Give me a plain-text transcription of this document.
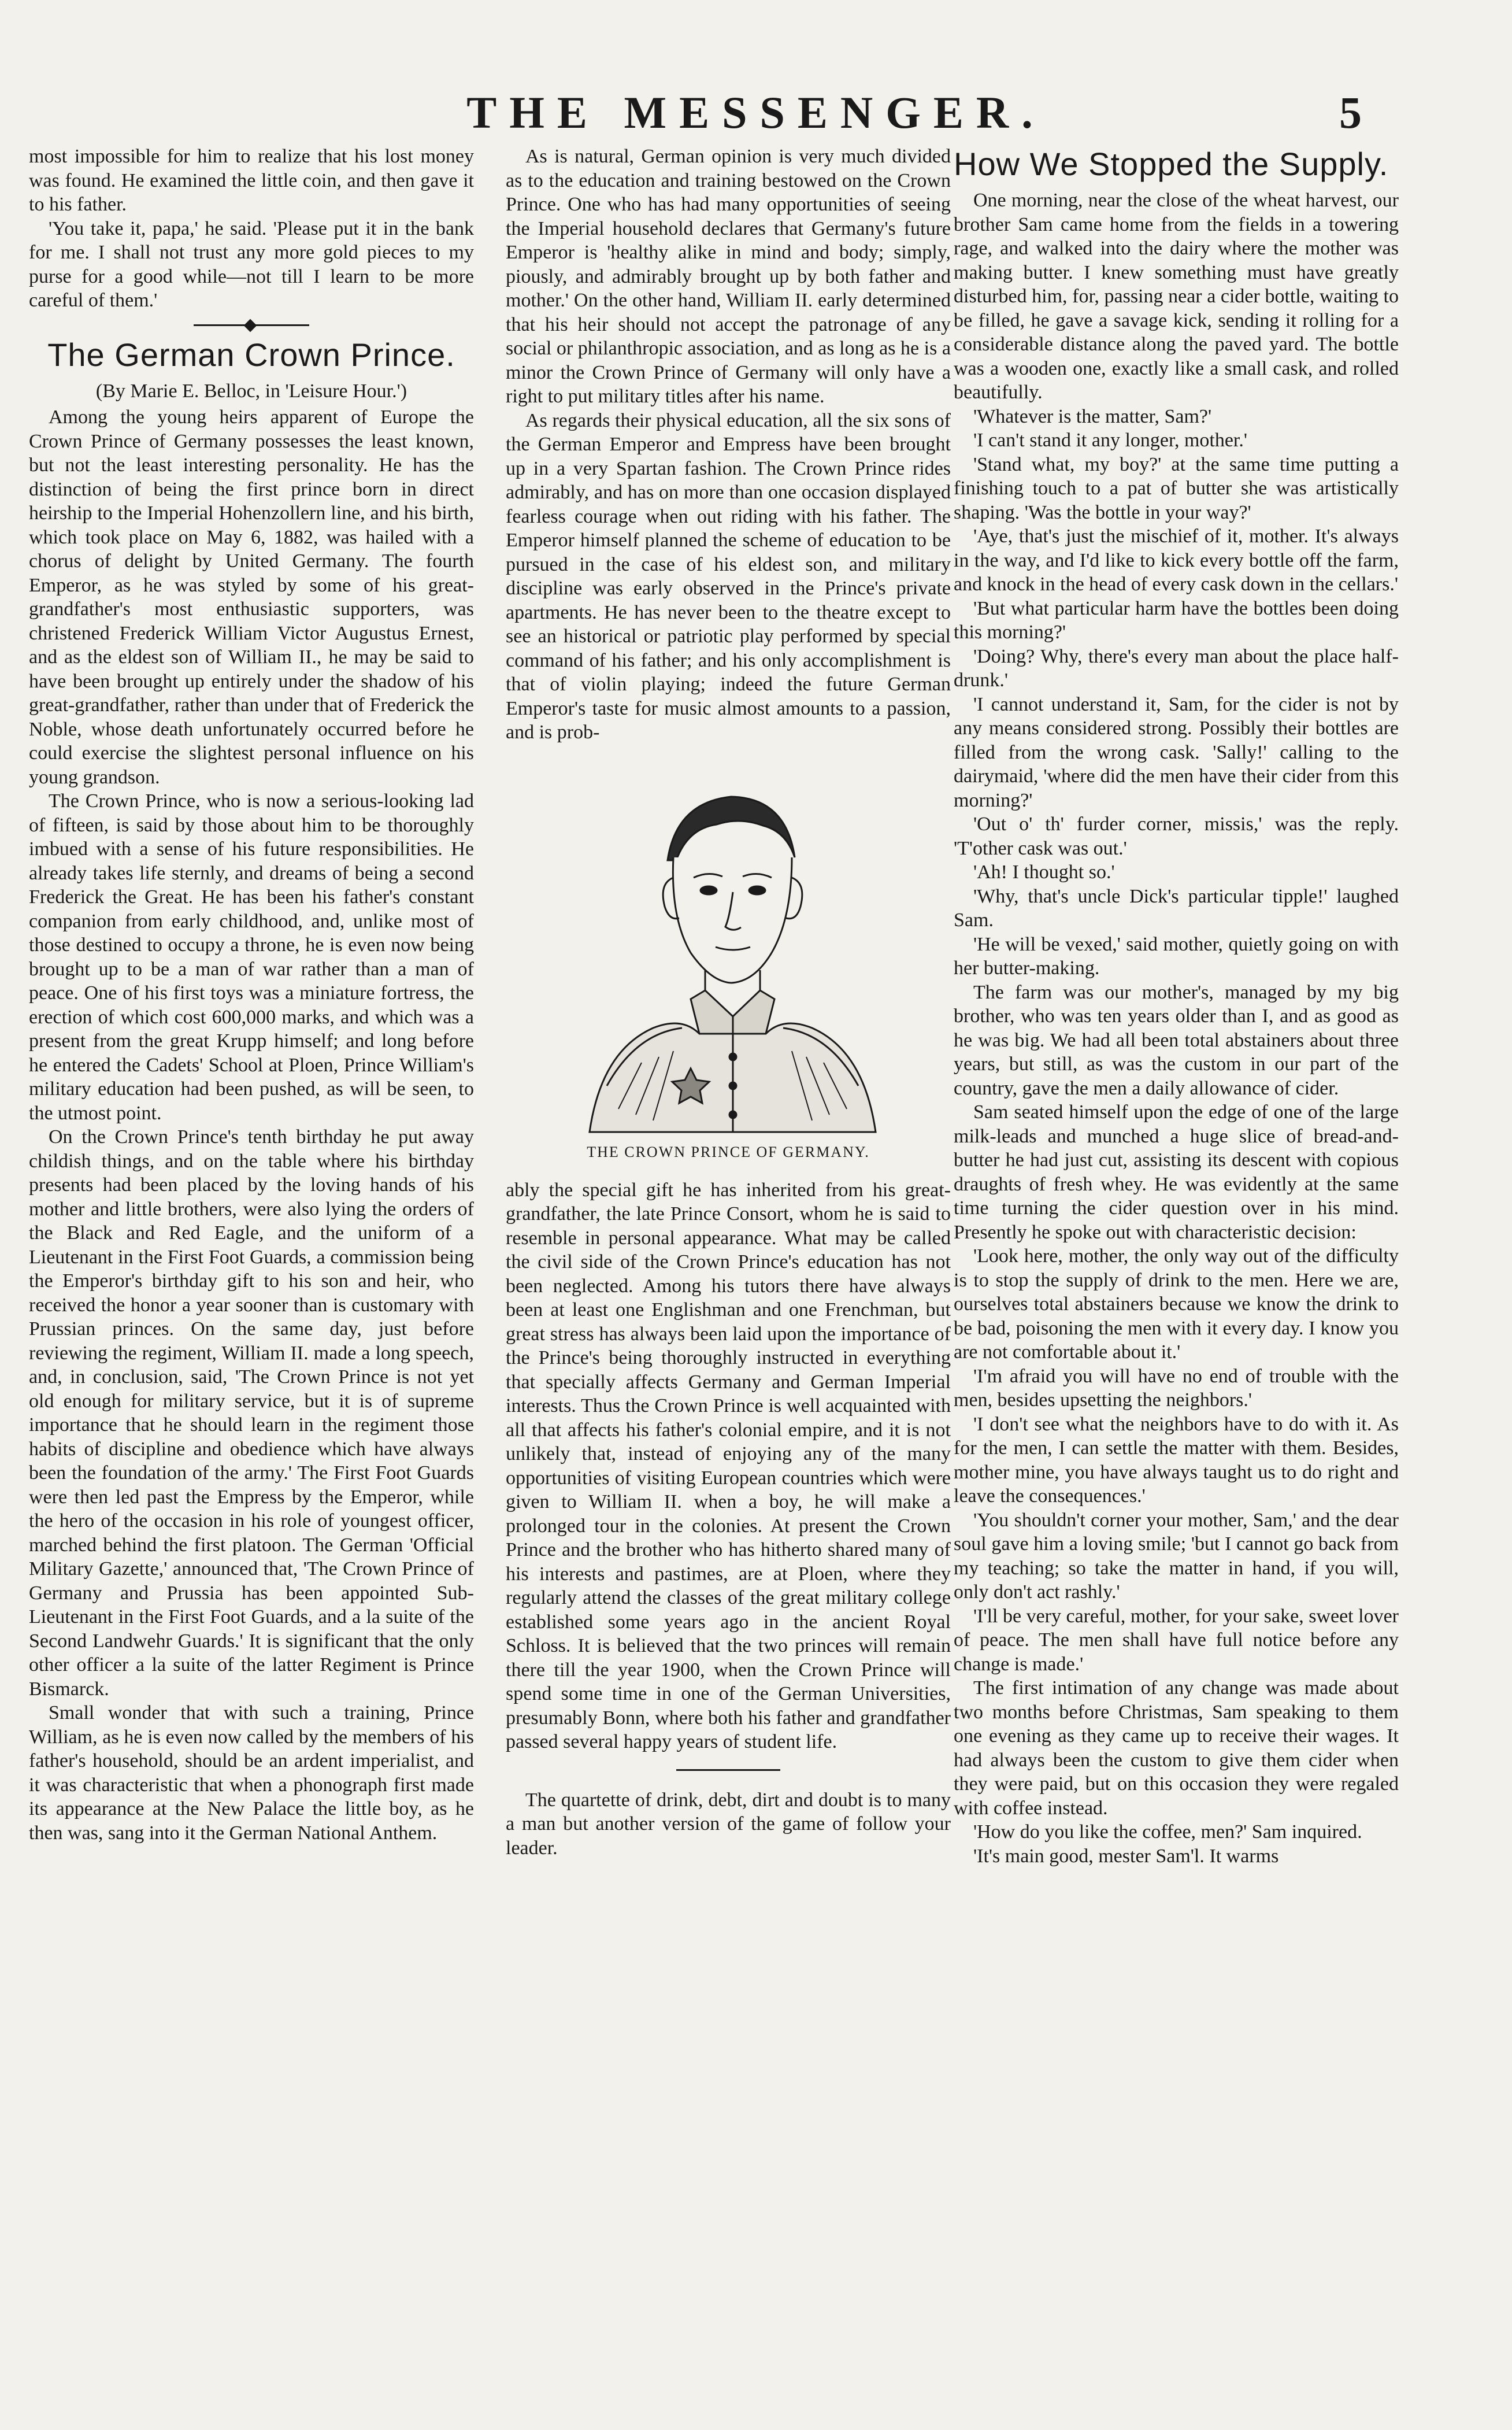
THE MESSENGER.	5

most impossible for him to realize that his lost money was found. He examined the little coin, and then gave it to his father.

'You take it, papa,' he said. 'Please put it in the bank for me. I shall not trust any more gold pieces to my purse for a good while—not till I learn to be more careful of them.'

The German Crown Prince.

(By Marie E. Belloc, in 'Leisure Hour.')

Among the young heirs apparent of Europe the Crown Prince of Germany possesses the least known, but not the least interesting personality. He has the distinction of being the first prince born in direct heirship to the Imperial Hohenzollern line, and his birth, which took place on May 6, 1882, was hailed with a chorus of delight by United Germany. The fourth Emperor, as he was styled by some of his great-grandfather's most enthusiastic supporters, was christened Frederick William Victor Augustus Ernest, and as the eldest son of William II., he may be said to have been brought up entirely under the shadow of his great-grandfather, rather than under that of Frederick the Noble, whose death unfortunately occurred before he could exercise the slightest personal influence on his young grandson.

The Crown Prince, who is now a serious-looking lad of fifteen, is said by those about him to be thoroughly imbued with a sense of his future responsibilities. He already takes life sternly, and dreams of being a second Frederick the Great. He has been his father's constant companion from early childhood, and, unlike most of those destined to occupy a throne, he is even now being brought up to be a man of war rather than a man of peace. One of his first toys was a miniature fortress, the erection of which cost 600,000 marks, and which was a present from the great Krupp himself; and long before he entered the Cadets' School at Ploen, Prince William's military education had been pushed, as will be seen, to the utmost point.

On the Crown Prince's tenth birthday he put away childish things, and on the table where his birthday presents had been placed by the loving hands of his mother and little brothers, were also lying the orders of the Black and Red Eagle, and the uniform of a Lieutenant in the First Foot Guards, a commission being the Emperor's birthday gift to his son and heir, who received the honor a year sooner than is customary with Prussian princes. On the same day, just before reviewing the regiment, William II. made a long speech, and, in conclusion, said, 'The Crown Prince is not yet old enough for military service, but it is of supreme importance that he should learn in the regiment those habits of discipline and obedience which have always been the foundation of the army.' The First Foot Guards were then led past the Empress by the Emperor, while the hero of the occasion in his role of youngest officer, marched behind the first platoon. The German 'Official Military Gazette,' announced that, 'The Crown Prince of Germany and Prussia has been appointed Sub-Lieutenant in the First Foot Guards, and a la suite of the Second Landwehr Guards.' It is significant that the only other officer a la suite of the latter Regiment is Prince Bismarck.

Small wonder that with such a training, Prince William, as he is even now called by the members of his father's household, should be an ardent imperialist, and it was characteristic that when a phonograph first made its appearance at the New Palace the little boy, as he then was, sang into it the German National Anthem.

As is natural, German opinion is very much divided as to the education and training bestowed on the Crown Prince. One who has had many opportunities of seeing the Imperial household declares that Germany's future Emperor is 'healthy alike in mind and body; simply, piously, and admirably brought up by both father and mother.' On the other hand, William II. early determined that his heir should not accept the patronage of any social or philanthropic association, and as long as he is a minor the Crown Prince of Germany will only have a right to put military titles after his name.

As regards their physical education, all the six sons of the German Emperor and Empress have been brought up in a very Spartan fashion. The Crown Prince rides admirably, and has on more than one occasion displayed fearless courage when out riding with his father. The Emperor himself planned the scheme of education to be pursued in the case of his eldest son, and military discipline was early observed in the Prince's private apartments. He has never been to the theatre except to see an historical or patriotic play performed by special command of his father; and his only accomplishment is that of violin playing; indeed the future German Emperor's taste for music almost amounts to a passion, and is prob-

THE CROWN PRINCE OF GERMANY.

ably the special gift he has inherited from his great-grandfather, the late Prince Consort, whom he is said to resemble in personal appearance. What may be called the civil side of the Crown Prince's education has not been neglected. Among his tutors there have always been at least one Englishman and one Frenchman, but great stress has always been laid upon the importance of the Prince's being thoroughly instructed in everything that specially affects Germany and German Imperial interests. Thus the Crown Prince is well acquainted with all that affects his father's colonial empire, and it is not unlikely that, instead of enjoying any of the many opportunities of visiting European countries which were given to William II. when a boy, he will make a prolonged tour in the colonies. At present the Crown Prince and the brother who has hitherto shared many of his interests and pastimes, are at Ploen, where they regularly attend the classes of the great military college established some years ago in the ancient Royal Schloss. It is believed that the two princes will remain there till the year 1900, when the Crown Prince will spend some time in one of the German Universities, presumably Bonn, where both his father and grandfather passed several happy years of student life.

The quartette of drink, debt, dirt and doubt is to many a man but another version of the game of follow your leader.

How We Stopped the Supply.

One morning, near the close of the wheat harvest, our brother Sam came home from the fields in a towering rage, and walked into the dairy where the mother was making butter. I knew something must have greatly disturbed him, for, passing near a cider bottle, waiting to be filled, he gave a savage kick, sending it rolling for a considerable distance along the paved yard. The bottle was a wooden one, exactly like a small cask, and rolled beautifully.

'Whatever is the matter, Sam?'

'I can't stand it any longer, mother.'

'Stand what, my boy?' at the same time putting a finishing touch to a pat of butter she was artistically shaping. 'Was the bottle in your way?'

'Aye, that's just the mischief of it, mother. It's always in the way, and I'd like to kick every bottle off the farm, and knock in the head of every cask down in the cellars.'

'But what particular harm have the bottles been doing this morning?'

'Doing? Why, there's every man about the place half-drunk.'

'I cannot understand it, Sam, for the cider is not by any means considered strong. Possibly their bottles are filled from the wrong cask. 'Sally!' calling to the dairymaid, 'where did the men have their cider from this morning?'

'Out o' th' furder corner, missis,' was the reply. 'T'other cask was out.'

'Ah! I thought so.'

'Why, that's uncle Dick's particular tipple!' laughed Sam.

'He will be vexed,' said mother, quietly going on with her butter-making.

The farm was our mother's, managed by my big brother, who was ten years older than I, and as good as he was big. We had all been total abstainers about three years, but still, as was the custom in our part of the country, gave the men a daily allowance of cider.

Sam seated himself upon the edge of one of the large milk-leads and munched a huge slice of bread-and-butter he had just cut, assisting its descent with copious draughts of fresh whey. He was evidently at the same time turning the cider question over in his mind. Presently he spoke out with characteristic decision:

'Look here, mother, the only way out of the difficulty is to stop the supply of drink to the men. Here we are, ourselves total abstainers because we know the drink to be bad, poisoning the men with it every day. I know you are not comfortable about it.'

'I'm afraid you will have no end of trouble with the men, besides upsetting the neighbors.'

'I don't see what the neighbors have to do with it. As for the men, I can settle the matter with them. Besides, mother mine, you have always taught us to do right and leave the consequences.'

'You shouldn't corner your mother, Sam,' and the dear soul gave him a loving smile; 'but I cannot go back from my teaching; so take the matter in hand, if you will, only don't act rashly.'

'I'll be very careful, mother, for your sake, sweet lover of peace. The men shall have full notice before any change is made.'

The first intimation of any change was made about two months before Christmas, Sam speaking to them one evening as they came up to receive their wages. It had always been the custom to give them cider when they were paid, but on this occasion they were regaled with coffee instead.

'How do you like the coffee, men?' Sam inquired.

'It's main good, mester Sam'l. It warms
